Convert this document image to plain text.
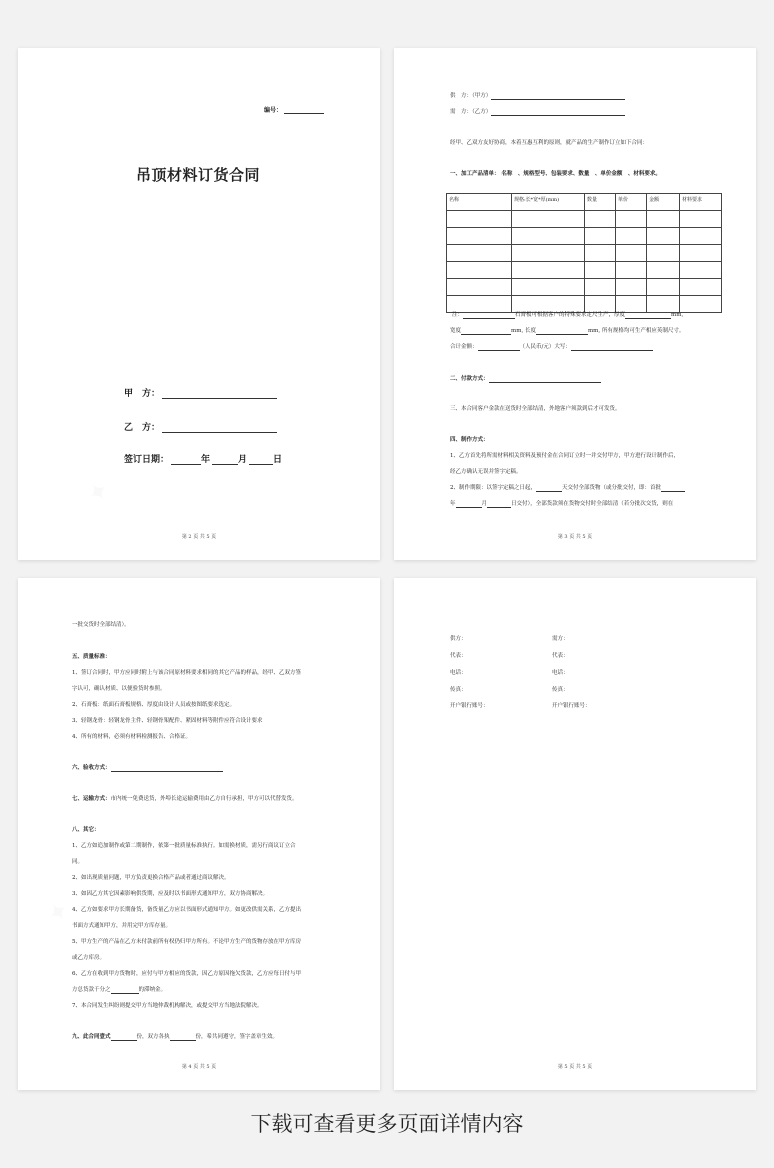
编号：
吊顶材料订货合同
甲　方：
乙　方：
签订日期：	年	月	日
第 2 页 共 5 页
供　方：（甲方）
需　方：（乙方）
经甲、乙双方友好协商，本着互惠互利的原则，就产品的生产制作订立如下合同：
一、加工产品清单： 名称　、规格型号、包装要求、数量　、单价金额　、材料要求。
名称	规格:长*宽*厚(mm)	数量	单价	金额	材料要求

注：	石膏板可根据客户的特殊要求定尺生产，厚度	mm,
宽度	mm, 长度	mm, 所有规格均可生产相应英制尺寸。
合计金额：	（人民币/元）大写：
二、付款方式：
三、本合同客户金款在送货时全部结清，外地客户须款到后才可发货。
四、制作方式：
1、乙方首先将所需材料相关资料及预付金在合同订立时一并交付甲方，甲方进行设计制作后，
经乙方确认无误并签字定稿。
2、制作期限：以签字定稿之日起，	天交付全部货物（或分批交付，即：首批
年	月	日交付），全部货款须在货物交付时全部结清（若分批次交货，则在
第 3 页 共 5 页
一批交货时全部结清）。
五、质量标准：
1、签订合同时，甲方应同时附上与该合同原材料要求相同的其它产品的样品，经甲、乙双方签
字认可，确认材质、以便验货时参照。
2、石膏板：纸面石膏板规格、厚度由设计人员或按图纸要求选定。
3、轻钢龙骨：轻钢龙骨主件、轻钢骨架配件、紧固材料等附件应符合设计要求
4、所有的材料，必须有材料检测报告、合格证。
六、验收方式：
七、运输方式：市内统一免费送货，外埠长途运输费用由乙方自行承担，甲方可以代替发货。
八、其它：
1、乙方如追加制作或第二期制作，依第一批质量标准执行。如需换材质，需另行商议订立合
同。
2、如出现质量问题，甲方负责更换合格产品或者通过商议解决。
3、如因乙方其它因素影响供货期，应及时以书面形式通知甲方，双方协商解决。
4、乙方如要求甲方长期备货，备货量乙方应以书面形式通知甲方。如更改供需关系，乙方提出
书面方式通知甲方，并用完甲方库存量。
5、甲方生产的产品在乙方未付款前所有权仍归甲方所有。不论甲方生产的货物存放在甲方库房
或乙方库房。
6、乙方在收到甲方货物时，应付与甲方相应的货款，因乙方原因拖欠货款，乙方应每日付与甲
方总货款千分之	的滞纳金。
7、本合同发生纠纷则提交甲方当地仲裁机构解决，或提交甲方当地法院解决。
九、此合同壹式	份，双方各执	份，希共同遵守，签字盖章生效。
第 4 页 共 5 页
供方：	需方：
代表：	代表：
电话：	电话：
传真：	传真：
开户银行账号：	开户银行账号：
第 5 页 共 5 页
下载可查看更多页面详情内容
